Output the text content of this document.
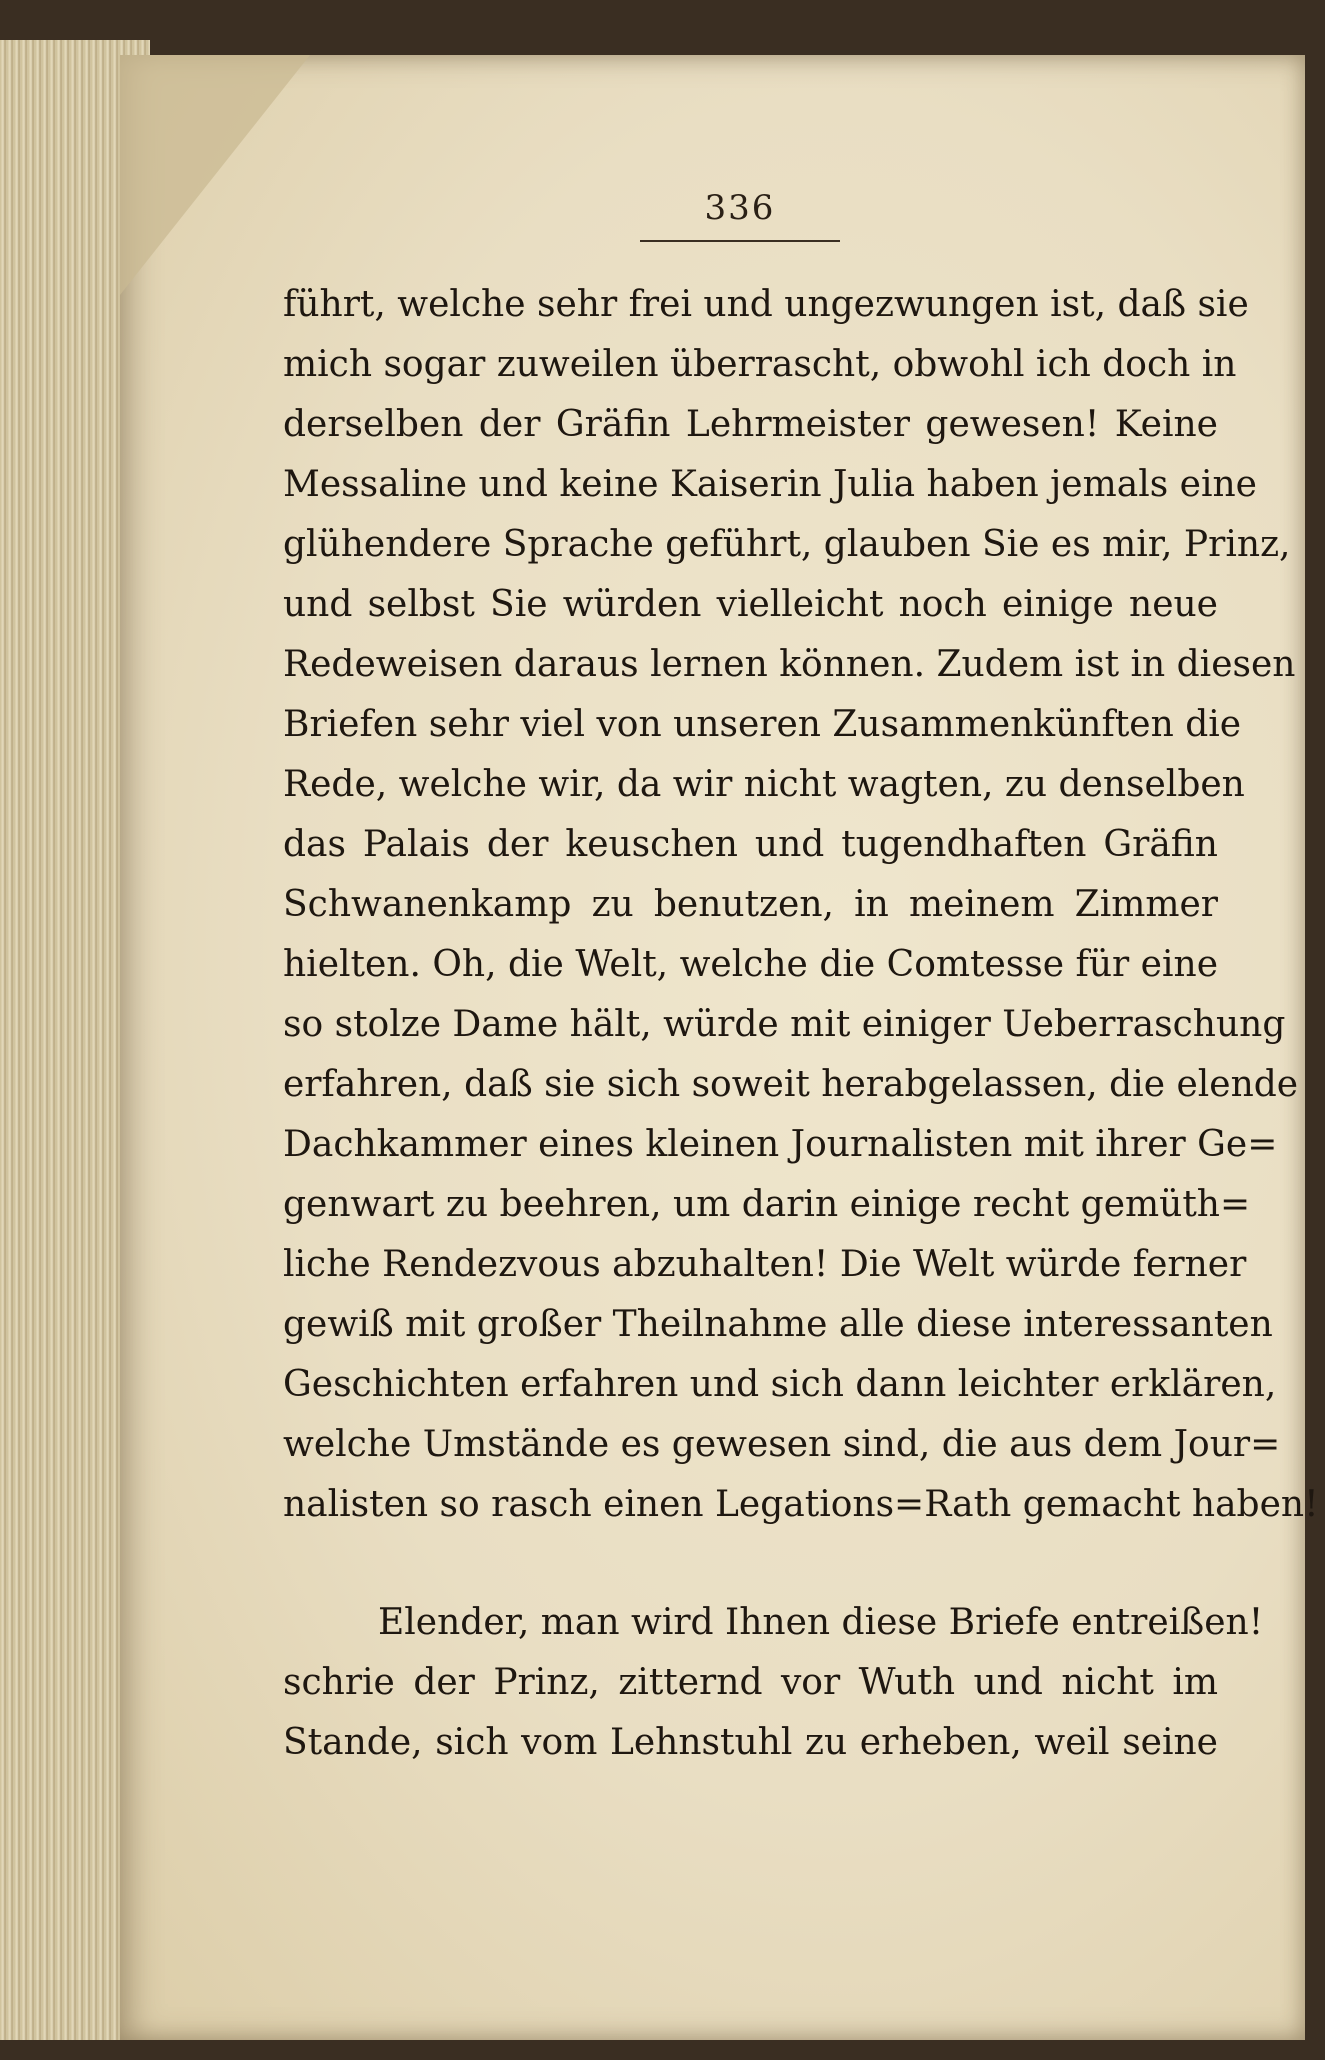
336
führt, welche sehr frei und ungezwungen ist, daß sie
mich sogar zuweilen überrascht, obwohl ich doch in
derselben der Gräfin Lehrmeister gewesen! Keine
Messaline und keine Kaiserin Julia haben jemals eine
glühendere Sprache geführt, glauben Sie es mir, Prinz,
und selbst Sie würden vielleicht noch einige neue
Redeweisen daraus lernen können. Zudem ist in diesen
Briefen sehr viel von unseren Zusammenkünften die
Rede, welche wir, da wir nicht wagten, zu denselben
das Palais der keuschen und tugendhaften Gräfin
Schwanenkamp zu benutzen, in meinem Zimmer
hielten. Oh, die Welt, welche die Comtesse für eine
so stolze Dame hält, würde mit einiger Ueberraschung
erfahren, daß sie sich soweit herabgelassen, die elende
Dachkammer eines kleinen Journalisten mit ihrer Ge=
genwart zu beehren, um darin einige recht gemüth=
liche Rendezvous abzuhalten! Die Welt würde ferner
gewiß mit großer Theilnahme alle diese interessanten
Geschichten erfahren und sich dann leichter erklären,
welche Umstände es gewesen sind, die aus dem Jour=
nalisten so rasch einen Legations=Rath gemacht haben!
Elender, man wird Ihnen diese Briefe entreißen!
schrie der Prinz, zitternd vor Wuth und nicht im
Stande, sich vom Lehnstuhl zu erheben, weil seine
